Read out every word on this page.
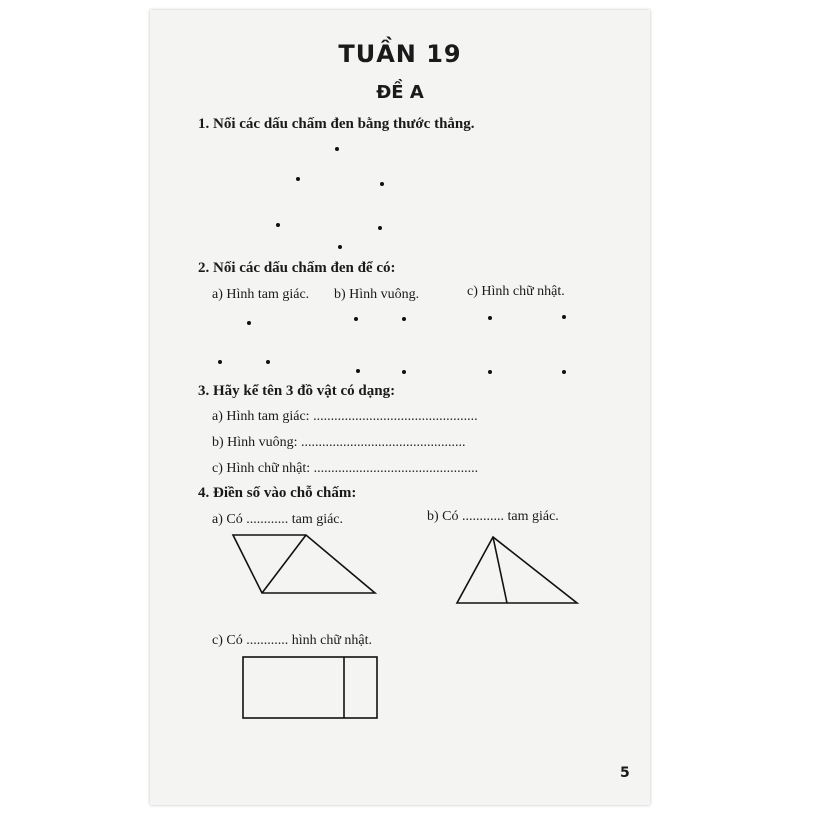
TUẦN 19
ĐỀ A
1. Nối các dấu chấm đen bằng thước thẳng.
2. Nối các dấu chấm đen để có:
a) Hình tam giác. b) Hình vuông.	c) Hình chữ nhật.
3. Hãy kể tên 3 đồ vật có dạng:
a) Hình tam giác: ...............................................
b) Hình vuông: ...............................................
c) Hình chữ nhật: ...............................................
4. Điền số vào chỗ chấm:
a) Có ............ tam giác.	b) Có ............ tam giác.
c) Có ............ hình chữ nhật.
5
